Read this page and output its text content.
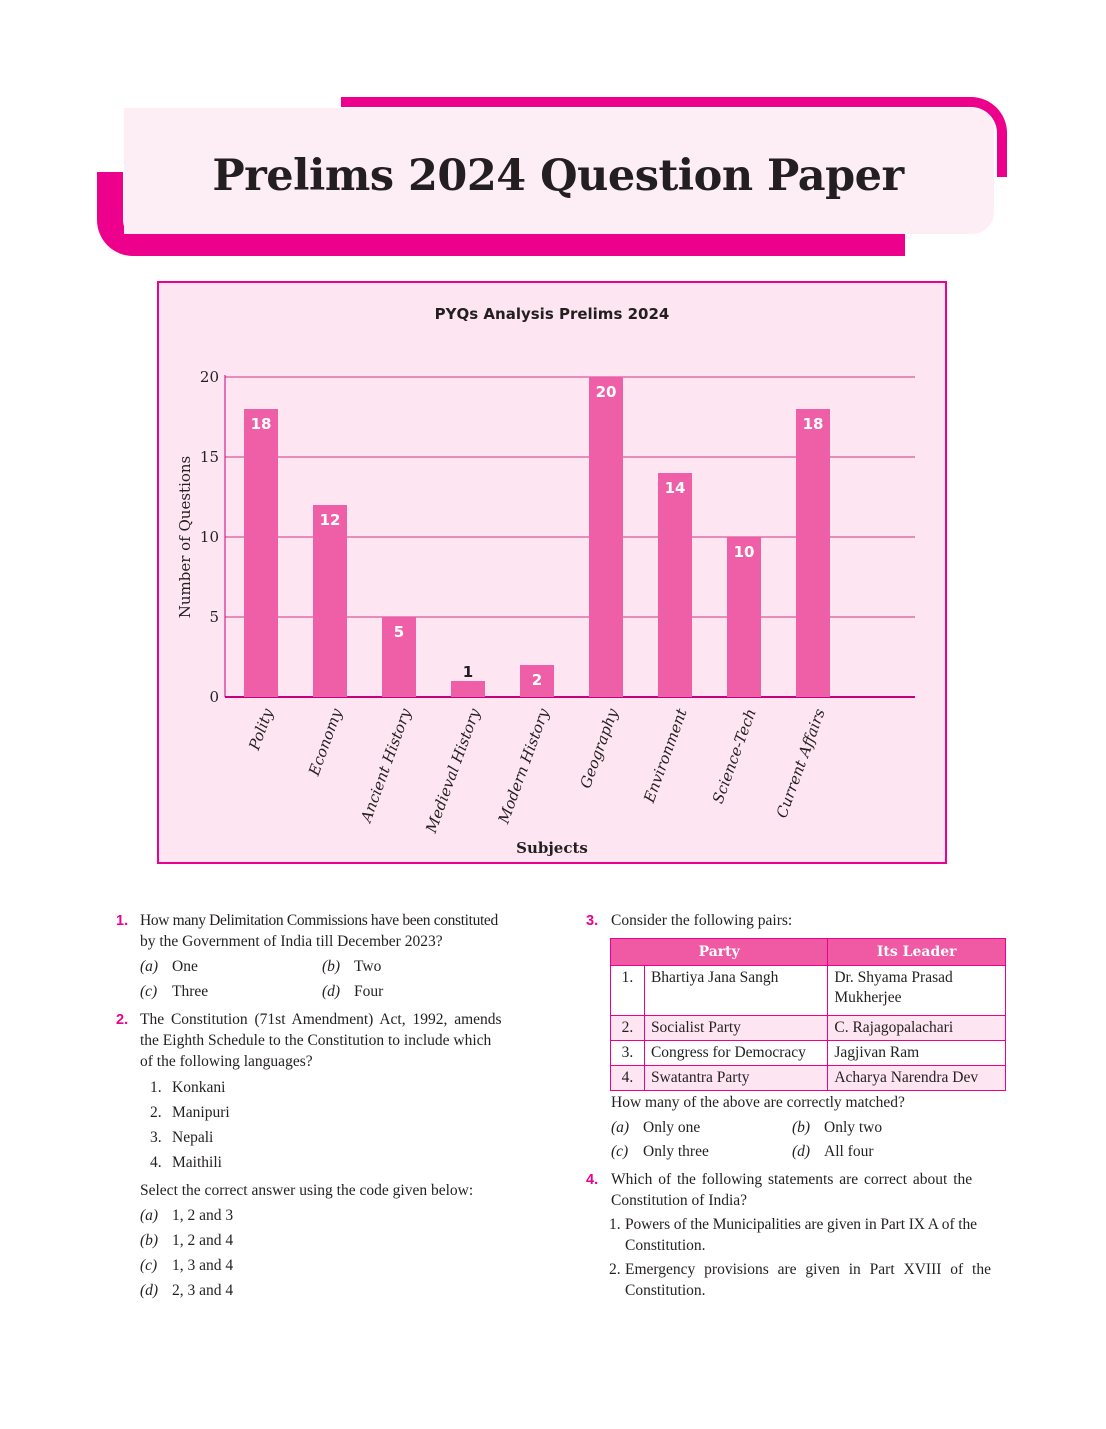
Prelims 2024 Question Paper
PYQs Analysis Prelims 2024
Number of Questions
Subjects
18
12
5
1	2
20
14
10
18
0
5
10
15
20
Polity Economy Ancient History Medieval History Modern History Geography Environment Science-Tech Current Affairs
1. How many Delimitation Commissions have been constituted
by the Government of India till December 2023?
(a) One	(b) Two
(c) Three	(d) Four
2. The Constitution (71st Amendment) Act, 1992, amends
the Eighth Schedule to the Constitution to include which
of the following languages?
1. Konkani
2. Manipuri
3. Nepali
4. Maithili
Select the correct answer using the code given below:
(a) 1, 2 and 3
(b) 1, 2 and 4
(c) 1, 3 and 4
(d) 2, 3 and 4
3. Consider the following pairs:
Party		Its Leader
1.	Bhartiya Jana Sangh	Dr. Shyama Prasad Mukherjee
2.	Socialist Party	C. Rajagopalachari
3.	Congress for Democracy	Jagjivan Ram
4.	Swatantra Party	Acharya Narendra Dev
How many of the above are correctly matched?
(a) Only one	(b) Only two
(c) Only three	(d) All four
4. Which of the following statements are correct about the
Constitution of India?
1. Powers of the Municipalities are given in Part IX A of the
Constitution.
2. Emergency provisions are given in Part XVIII of the
Constitution.
